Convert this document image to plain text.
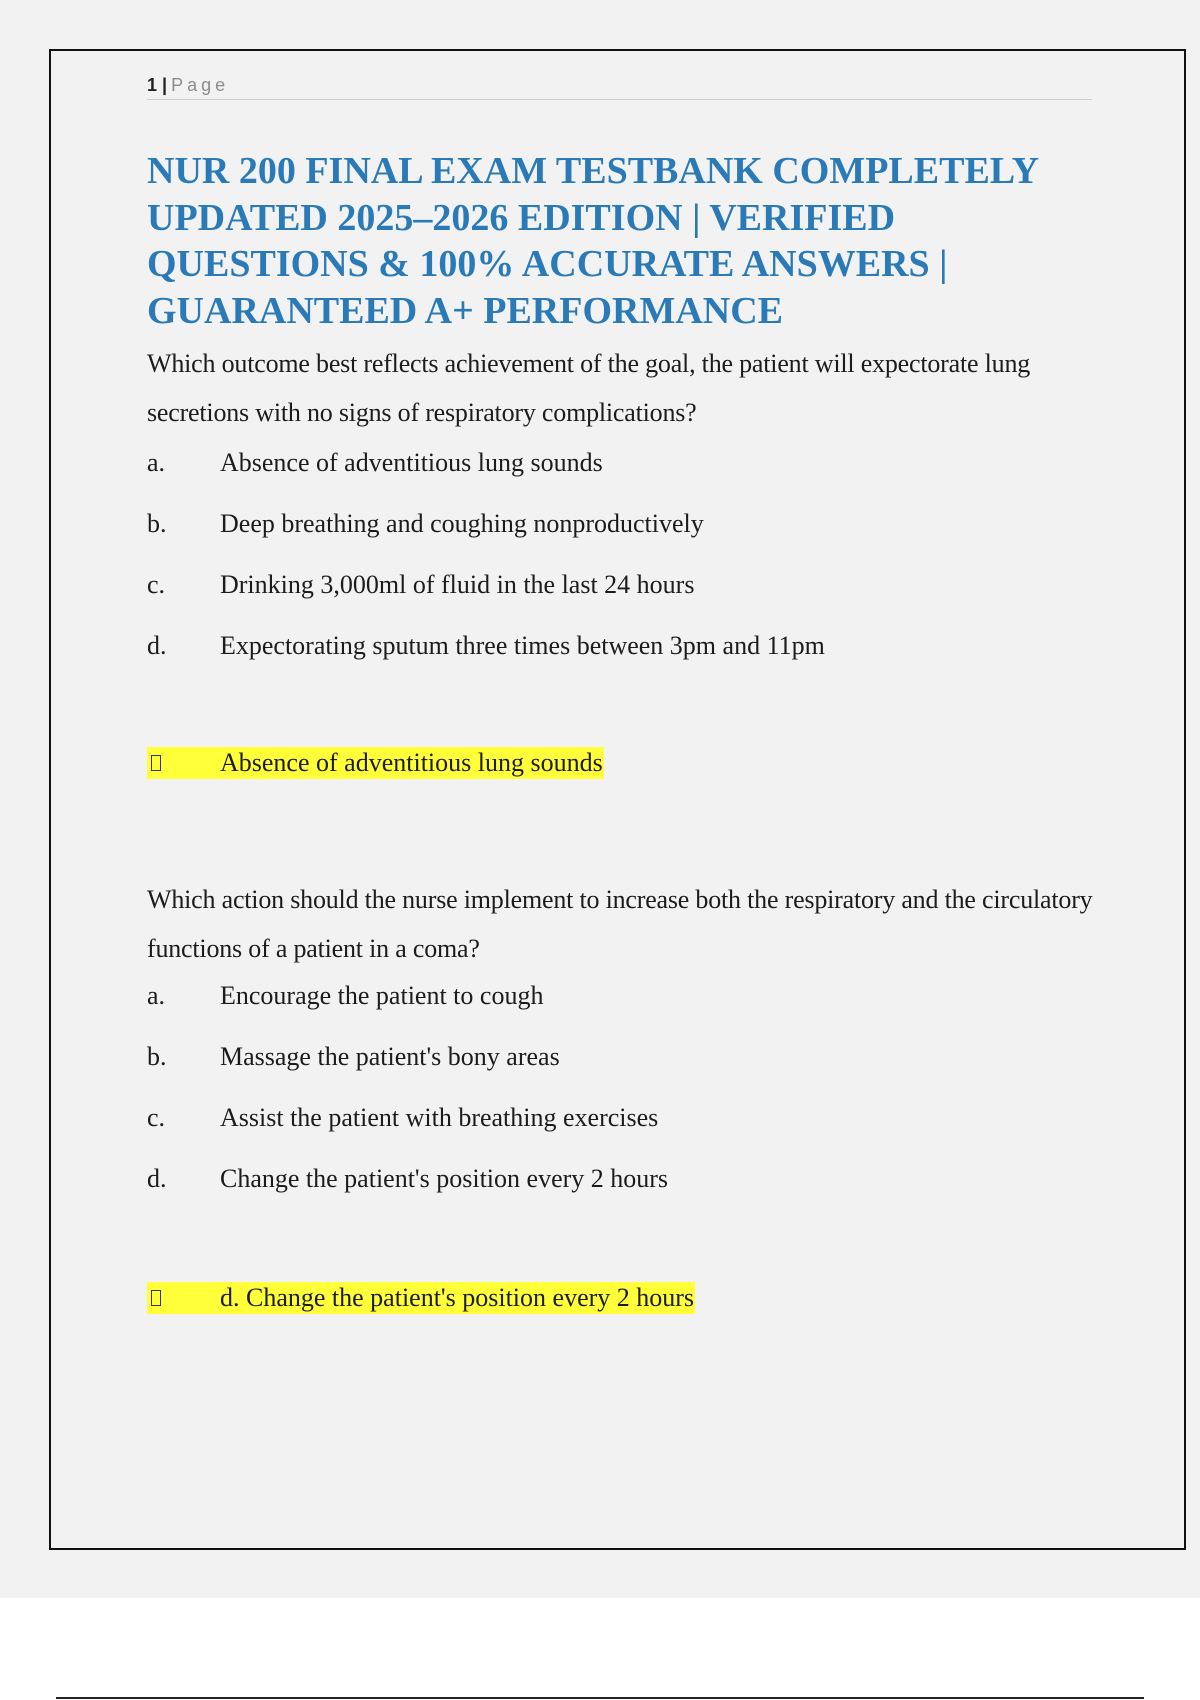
1 | Page
NUR 200 FINAL EXAM TESTBANK COMPLETELY UPDATED 2025–2026 EDITION | VERIFIED QUESTIONS & 100% ACCURATE ANSWERS | GUARANTEED A+ PERFORMANCE

Which outcome best reflects achievement of the goal, the patient will expectorate lung secretions with no signs of respiratory complications?

a. Absence of adventitious lung sounds
b. Deep breathing and coughing nonproductively
c. Drinking 3,000ml of fluid in the last 24 hours
d. Expectorating sputum three times between 3pm and 11pm
Absence of adventitious lung sounds

Which action should the nurse implement to increase both the respiratory and the circulatory functions of a patient in a coma?

a. Encourage the patient to cough
b. Massage the patient's bony areas
c. Assist the patient with breathing exercises
d. Change the patient's position every 2 hours
d. Change the patient's position every 2 hours
